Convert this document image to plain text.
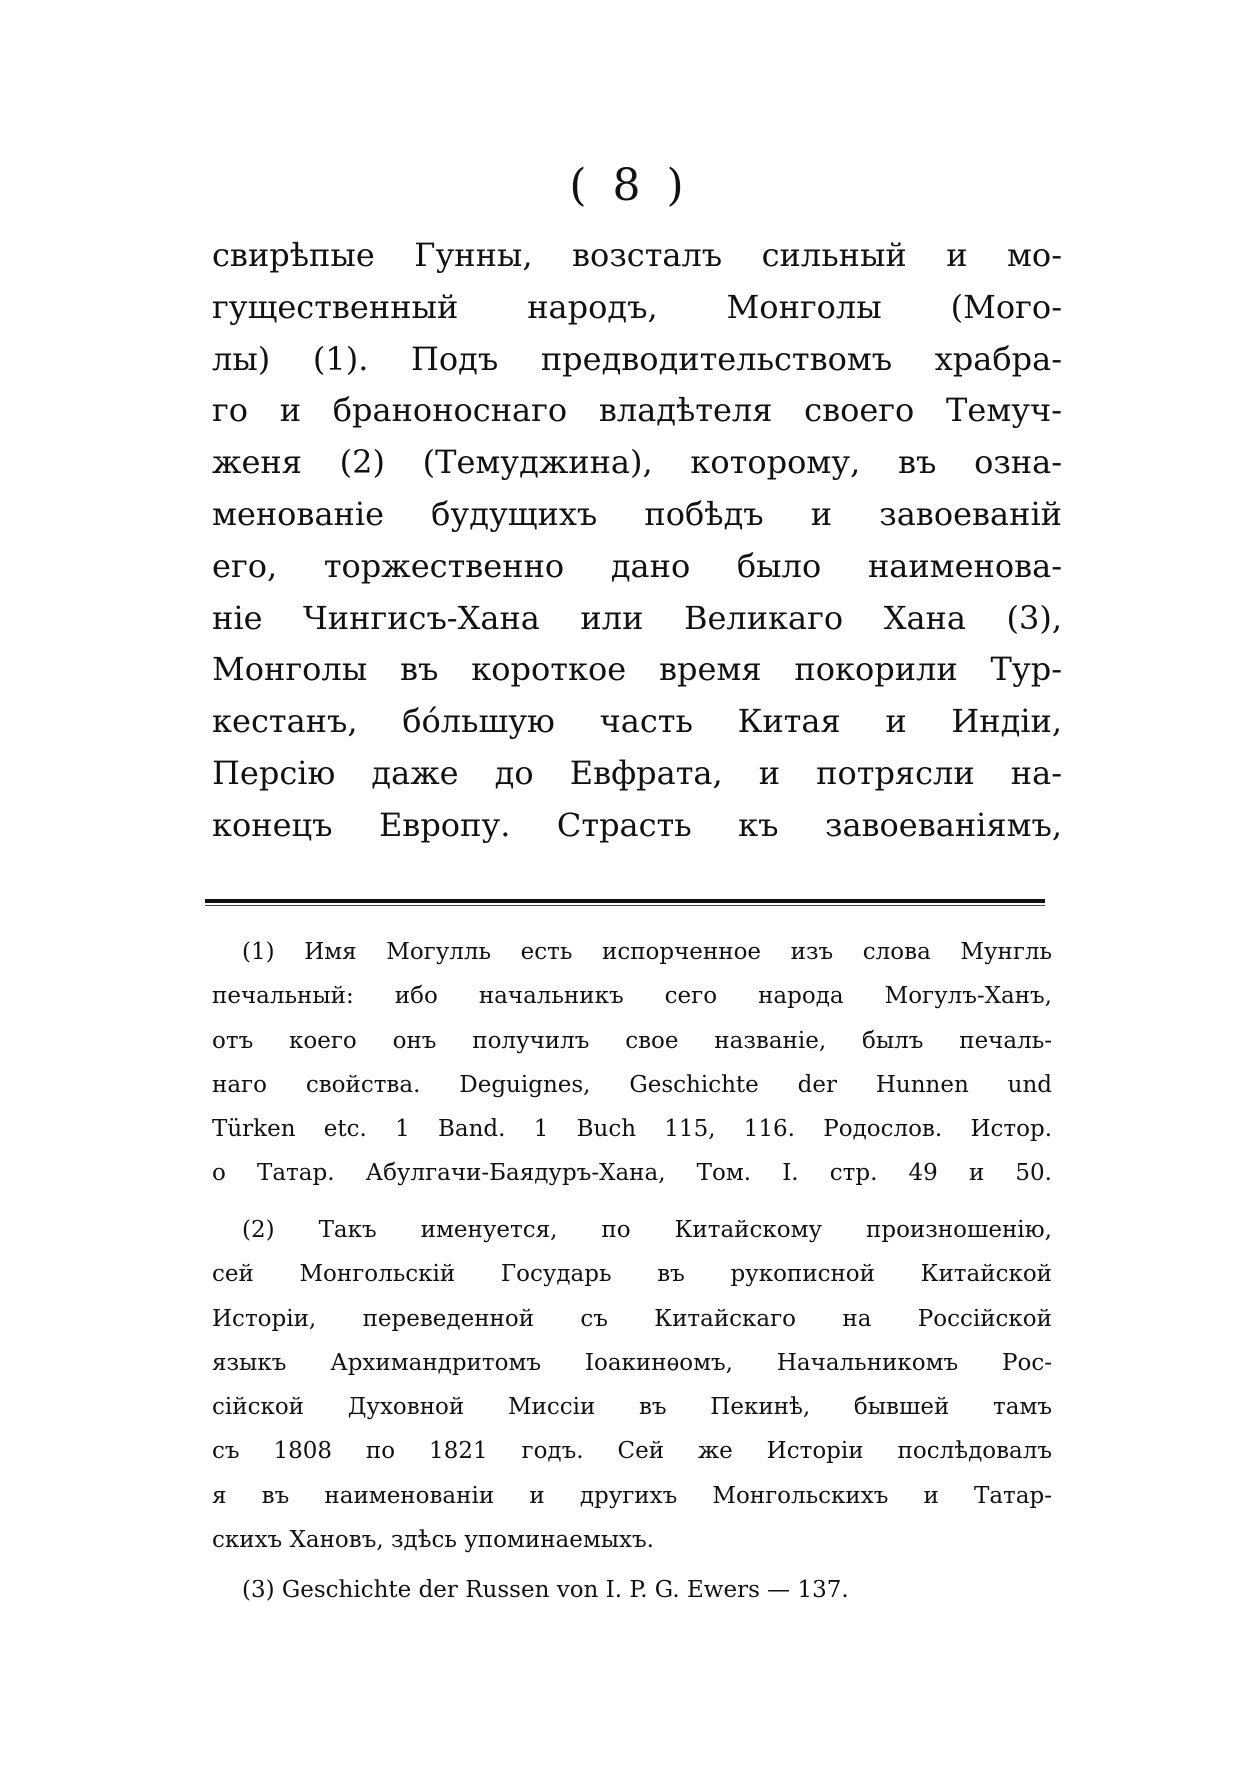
( 8 )
свирѣпые Гунны, возсталъ сильный и мо-
гущественный народъ, Монголы (Мого-
лы) (1). Подъ предводительствомъ храбра-
го и браноноснаго владѣтеля своего Темуч-
женя (2) (Темуджина), которому, въ озна-
менованіе будущихъ побѣдъ и завоеваній
его, торжественно дано было наименова-
ніе Чингисъ-Хана или Великаго Хана (3),
Монголы въ короткое время покорили Тур-
кестанъ, бóльшую часть Китая и Индіи,
Персію даже до Евфрата, и потрясли на-
конецъ Европу. Страсть къ завоеваніямъ,
(1) Имя Могулль есть испорченное изъ слова Мунгль
печальный: ибо начальникъ сего народа Могулъ-Ханъ,
отъ коего онъ получилъ свое названіе, былъ печаль-
наго свойства. Deguignes, Geschichte der Hunnen und
Türken etc. 1 Band. 1 Buch 115, 116. Родослов. Истор.
о Татар. Абулгачи-Баядуръ-Хана, Том. I. стр. 49 и 50.
(2) Такъ именуется, по Китайскому произношенію,
сей Монгольскій Государь въ рукописной Китайской
Исторіи, переведенной съ Китайскаго на Россійской
языкъ Архимандритомъ Іоакинѳомъ, Начальникомъ Рос-
сійской Духовной Миссіи въ Пекинѣ, бывшей тамъ
съ 1808 по 1821 годъ. Сей же Исторіи послѣдовалъ
я въ наименованіи и другихъ Монгольскихъ и Татар-
скихъ Хановъ, здѣсь упоминаемыхъ.
(3) Geschichte der Russen von I. P. G. Ewers — 137.
